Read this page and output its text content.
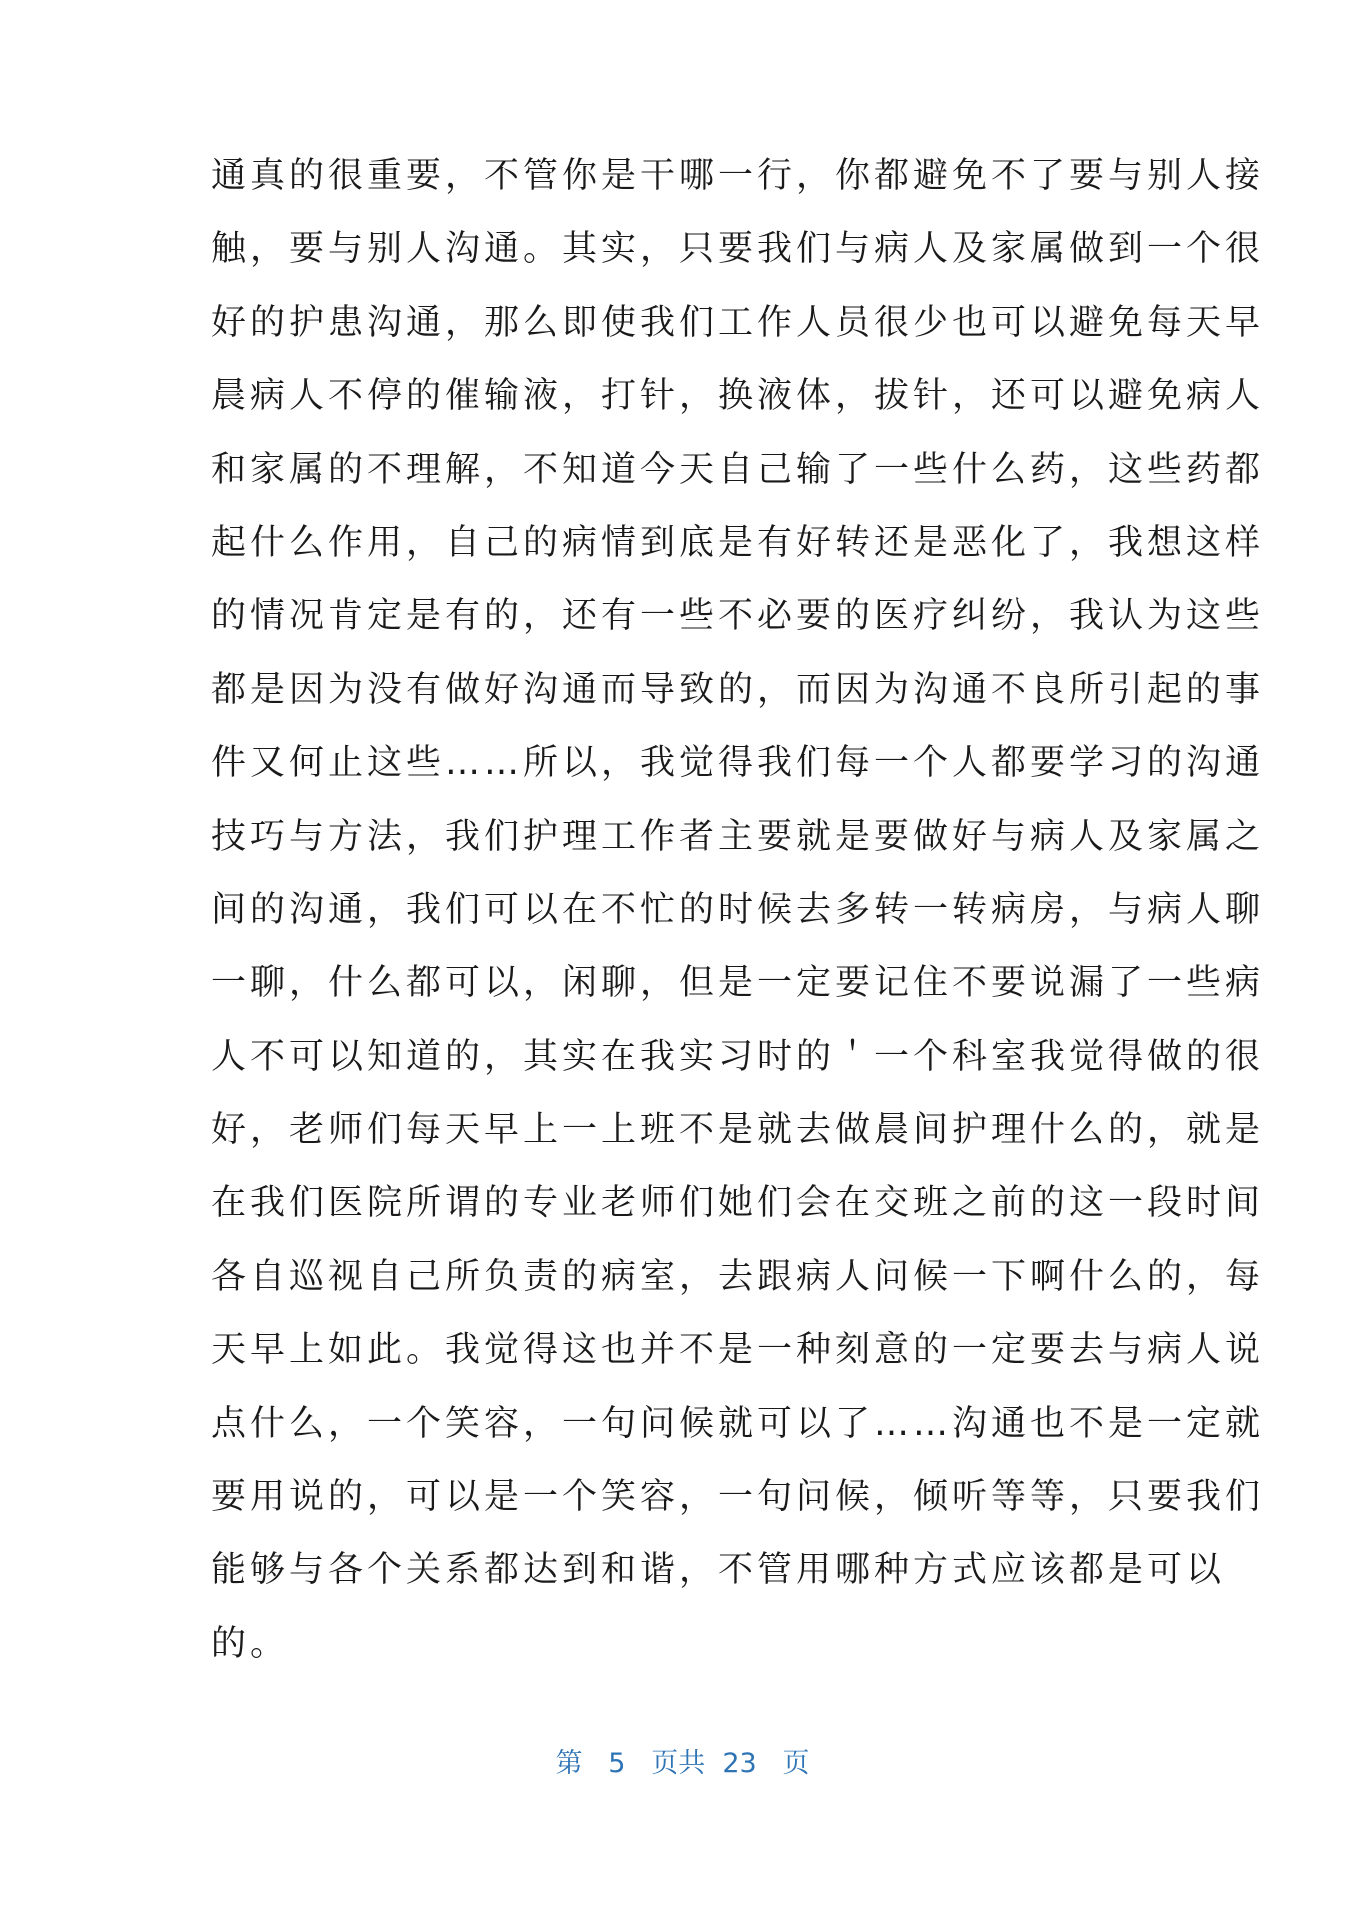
通真的很重要，不管你是干哪一行，你都避免不了要与别人接
触，要与别人沟通。其实，只要我们与病人及家属做到一个很
好的护患沟通，那么即使我们工作人员很少也可以避免每天早
晨病人不停的催输液，打针，换液体，拔针，还可以避免病人
和家属的不理解，不知道今天自己输了一些什么药，这些药都
起什么作用，自己的病情到底是有好转还是恶化了，我想这样
的情况肯定是有的，还有一些不必要的医疗纠纷，我认为这些
都是因为没有做好沟通而导致的，而因为沟通不良所引起的事
件又何止这些……所以，我觉得我们每一个人都要学习的沟通
技巧与方法，我们护理工作者主要就是要做好与病人及家属之
间的沟通，我们可以在不忙的时候去多转一转病房，与病人聊
一聊，什么都可以，闲聊，但是一定要记住不要说漏了一些病
人不可以知道的，其实在我实习时的＇一个科室我觉得做的很
好，老师们每天早上一上班不是就去做晨间护理什么的，就是
在我们医院所谓的专业老师们她们会在交班之前的这一段时间
各自巡视自己所负责的病室，去跟病人问候一下啊什么的，每
天早上如此。我觉得这也并不是一种刻意的一定要去与病人说
点什么，一个笑容，一句问候就可以了……沟通也不是一定就
要用说的，可以是一个笑容，一句问候，倾听等等，只要我们
能够与各个关系都达到和谐，不管用哪种方式应该都是可以
的。
第 5 页共 23 页
